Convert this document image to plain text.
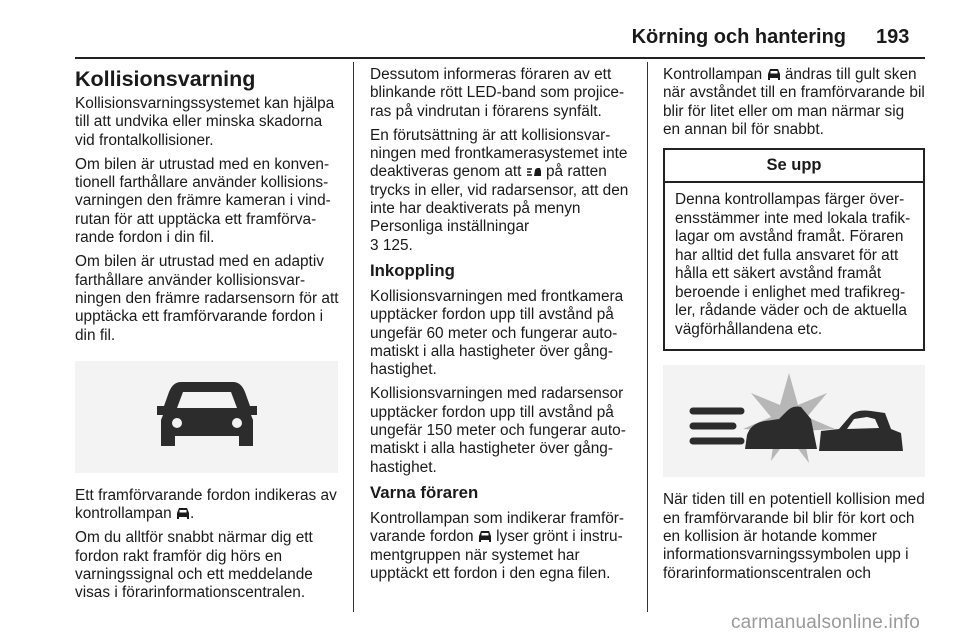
Körning och hantering 193
Kollisionsvarning

Kollisionsvarningssystemet kan hjälpa till att undvika eller minska skadorna vid frontalkollisioner.

Om bilen är utrustad med en konventionell farthållare använder kollisionsvarningen den främre kameran i vindrutan för att upptäcka ett framförvarande fordon i din fil.

Om bilen är utrustad med en adaptiv farthållare använder kollisionsvarningen den främre radarsensorn för att upptäcka ett framförvarande fordon i din fil.

Ett framförvarande fordon indikeras av kontrollampan .

Om du alltför snabbt närmar dig ett fordon rakt framför dig hörs en varningssignal och ett meddelande visas i förarinformationscentralen.

Dessutom informeras föraren av ett blinkande rött LED-band som projiceras på vindrutan i förarens synfält.

En förutsättning är att kollisionsvarningen med frontkamerasystemet inte deaktiveras genom att på ratten trycks in eller, vid radarsensor, att den inte har deaktiverats på menyn Personliga inställningar
3 125.

Inkoppling

Kollisionsvarningen med frontkamera upptäcker fordon upp till avstånd på ungefär 60 meter och fungerar automatiskt i alla hastigheter över gånghastighet.

Kollisionsvarningen med radarsensor upptäcker fordon upp till avstånd på ungefär 150 meter och fungerar automatiskt i alla hastigheter över gånghastighet.

Varna föraren

Kontrollampan som indikerar framförvarande fordon lyser grönt i instrumentgruppen när systemet har upptäckt ett fordon i den egna filen.

Kontrollampan ändras till gult sken när avståndet till en framförvarande bil blir för litet eller om man närmar sig en annan bil för snabbt.

Se upp
Denna kontrollampas färger överensstämmer inte med lokala trafiklagar om avstånd framåt. Föraren har alltid det fulla ansvaret för att hålla ett säkert avstånd framåt beroende i enlighet med trafikregler, rådande väder och de aktuella vägförhållandena etc.

När tiden till en potentiell kollision med en framförvarande bil blir för kort och en kollision är hotande kommer informationsvarningssymbolen upp i förarinformationscentralen och

carmanualsonline.info
